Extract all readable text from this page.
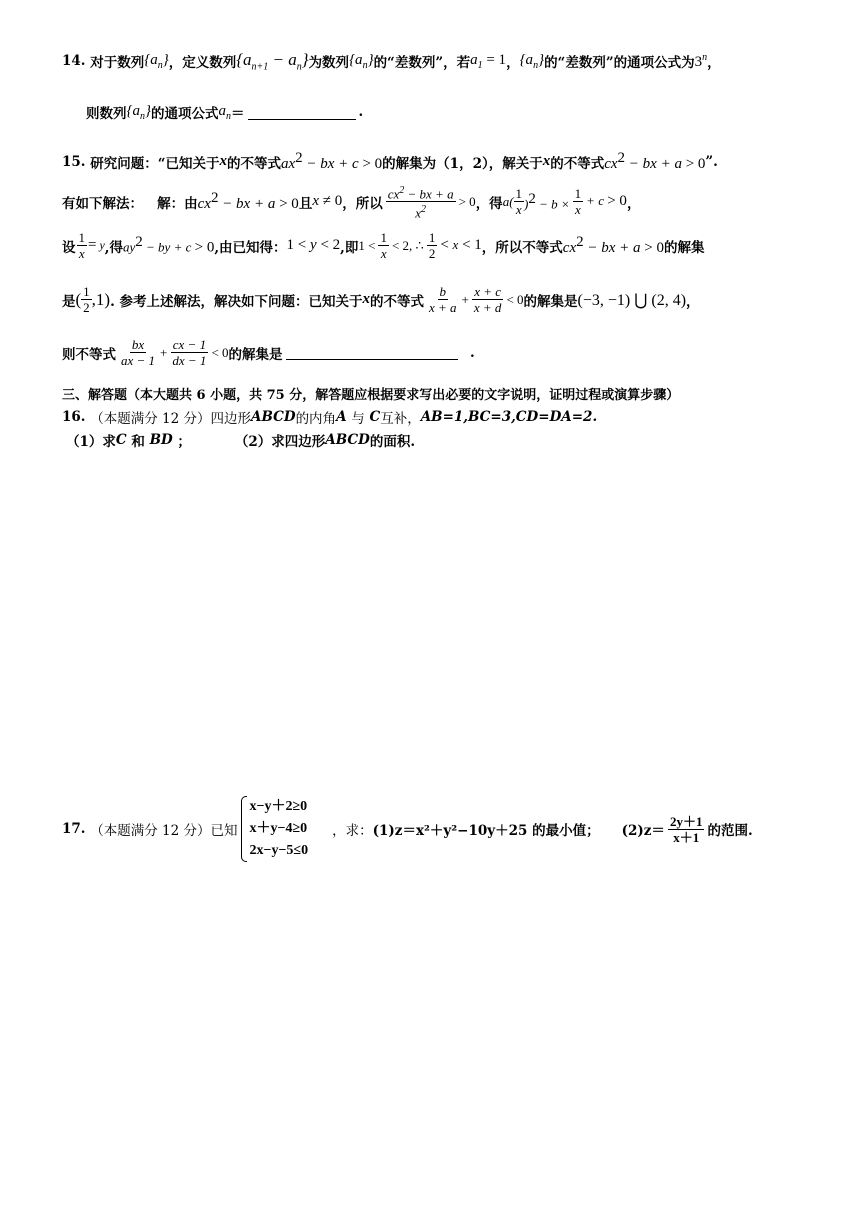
14.
对于数列 $\{a_n\}$ ，定义数列 $\{a_{n+1} - a_n\}$ 为数列 $\{a_n\}$ 的“差数列”，若 $a_1 = 1$ ， $\{a_n\}$ 的“差数列”的通项公式为 3$^n$ ，
则数列 $\{a_n\}$ 的通项公式 $a_n$ ＝	.
15.
研究问题：“已知关于 x 的不等式 $ax^2$ − bx + c > 0 的解集为（1，2），解关于 x 的不等式 $cx^2$ − bx + a > 0 ”.
有如下解法：
解：由 $cx^2$ − bx + a > 0 且 x ≠ 0 ，所以 $\frac{cx^2 - bx + a}{x^2} > 0$ ，得 $a( \frac{1}{x} )^2 - b \times \frac{1}{x} + c > 0$ ，
设 $\frac{1}{x} = y$ ,得 $ay^2$ − by + c > 0 ,由已知得： 1 < y < 2 ,即 $1 < \frac{1}{x} < 2$, ∴ $\frac{1}{2} < x < 1$ ，所以不等式 $cx^2$ − bx + a > 0 的解集
是 ( $\frac{1}{2} ,1$) . 参考上述解法，解决如下问题：已知关于 x 的不等式 $\frac{b}{x + a} + \frac{x + c}{x + d} < 0$ 的解集是 (−3, −1) ⋃ (2, 4) ，
则不等式 $\frac{bx}{ax - 1} + \frac{cx - 1}{dx - 1} < 0$ 的解集是
	.
三、解答题（本大题共 6 小题，共 75 分，解答题应根据要求写出必要的文字说明，证明过程或演算步骤）
16.
（本题满分 12 分）四边形 ABCD 的内角 A
与
C 互补， AB=1,BC=3,CD=DA=2.
（1）求 C
和
BD
；	（2）求四边形 ABCD 的面积.
17.
（本题满分 12 分）已知
x−y＋2≥0
x＋y−4≥0
2x−y−5≤0
，求： (1)z＝x²＋y²−10y＋25 的最小值； $(2)z= \frac{2y+1}{x+1}$ 的范围.
